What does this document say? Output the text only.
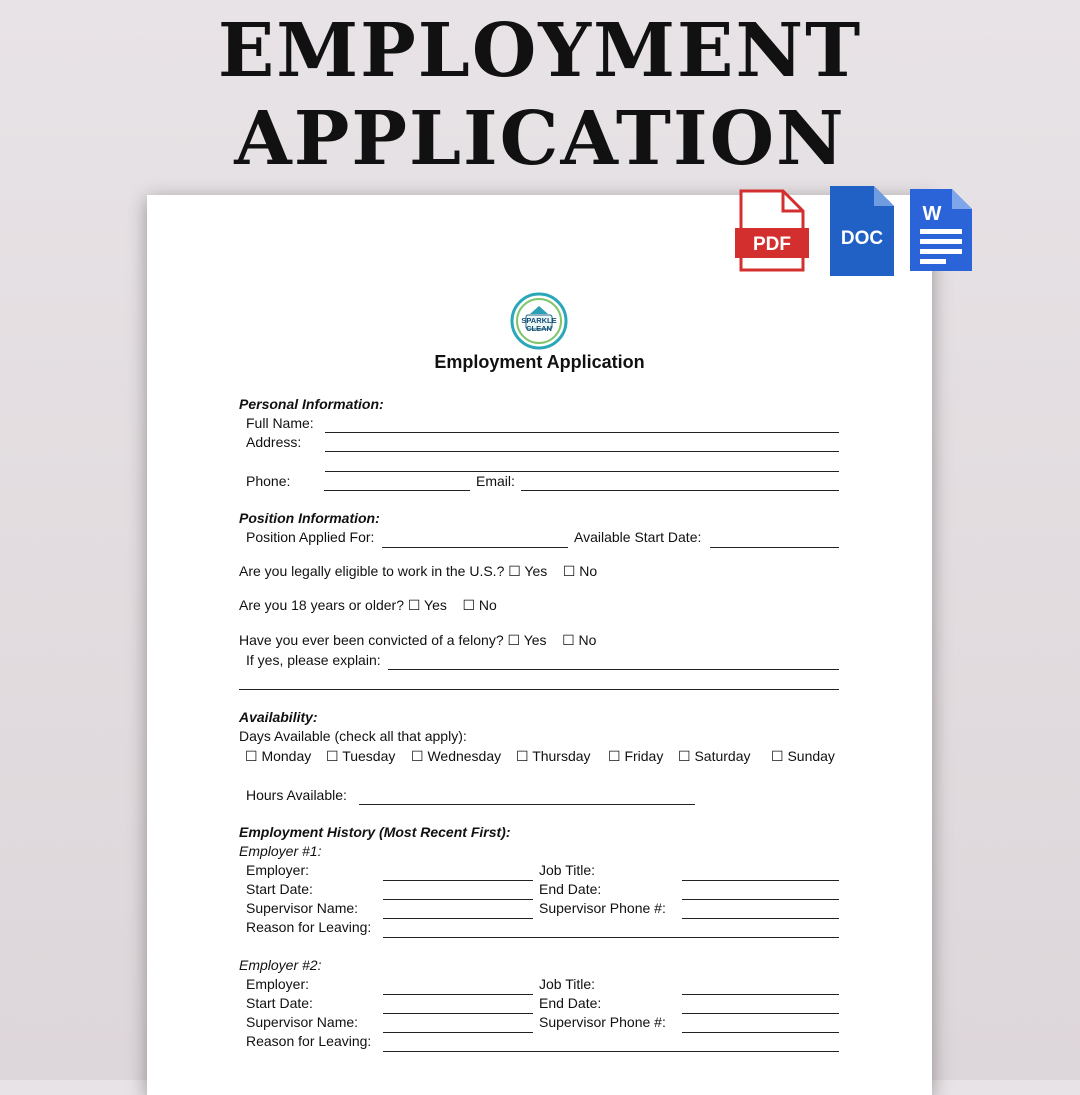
EMPLOYMENT
APPLICATION
SPARKLE
CLEAN
Employment Application
Personal Information:
Full Name:
Address:
Phone:	Email:
Position Information:
Position Applied For:	Available Start Date:
Are you legally eligible to work in the U.S.? ☐ Yes    ☐ No
Are you 18 years or older? ☐ Yes    ☐ No
Have you ever been convicted of a felony? ☐ Yes    ☐ No
If yes, please explain:
Availability:
Days Available (check all that apply):
☐ Monday ☐ Tuesday ☐ Wednesday ☐ Thursday ☐ Friday ☐ Saturday ☐ Sunday
Hours Available:
Employment History (Most Recent First):
Employer #1:
Employer:	Job Title:
Start Date:	End Date:
Supervisor Name:	Supervisor Phone #:
Reason for Leaving:
Employer #2:
Employer:	Job Title:
Start Date:	End Date:
Supervisor Name:	Supervisor Phone #:
Reason for Leaving:
PDF	DOC
W
